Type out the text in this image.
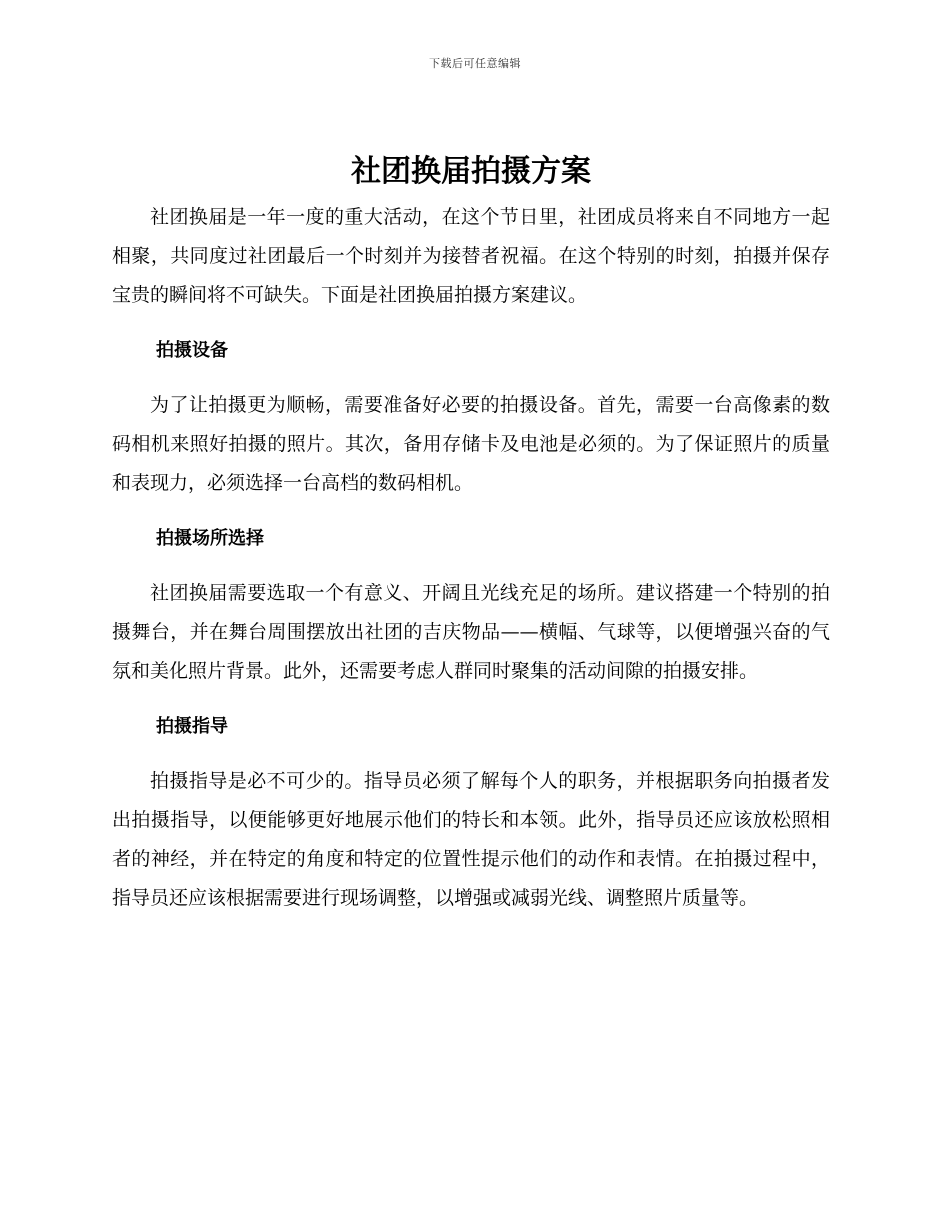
下载后可任意编辑
社团换届拍摄方案

社团换届是一年一度的重大活动，在这个节日里，社团成员将来自不同地方一起相聚，共同度过社团最后一个时刻并为接替者祝福。在这个特别的时刻，拍摄并保存宝贵的瞬间将不可缺失。下面是社团换届拍摄方案建议。

拍摄设备

为了让拍摄更为顺畅，需要准备好必要的拍摄设备。首先，需要一台高像素的数码相机来照好拍摄的照片。其次，备用存储卡及电池是必须的。为了保证照片的质量和表现力，必须选择一台高档的数码相机。

拍摄场所选择

社团换届需要选取一个有意义、开阔且光线充足的场所。建议搭建一个特别的拍摄舞台，并在舞台周围摆放出社团的吉庆物品——横幅、气球等，以便增强兴奋的气氛和美化照片背景。此外，还需要考虑人群同时聚集的活动间隙的拍摄安排。

拍摄指导

拍摄指导是必不可少的。指导员必须了解每个人的职务，并根据职务向拍摄者发出拍摄指导，以便能够更好地展示他们的特长和本领。此外，指导员还应该放松照相者的神经，并在特定的角度和特定的位置性提示他们的动作和表情。在拍摄过程中，指导员还应该根据需要进行现场调整，以增强或减弱光线、调整照片质量等。
